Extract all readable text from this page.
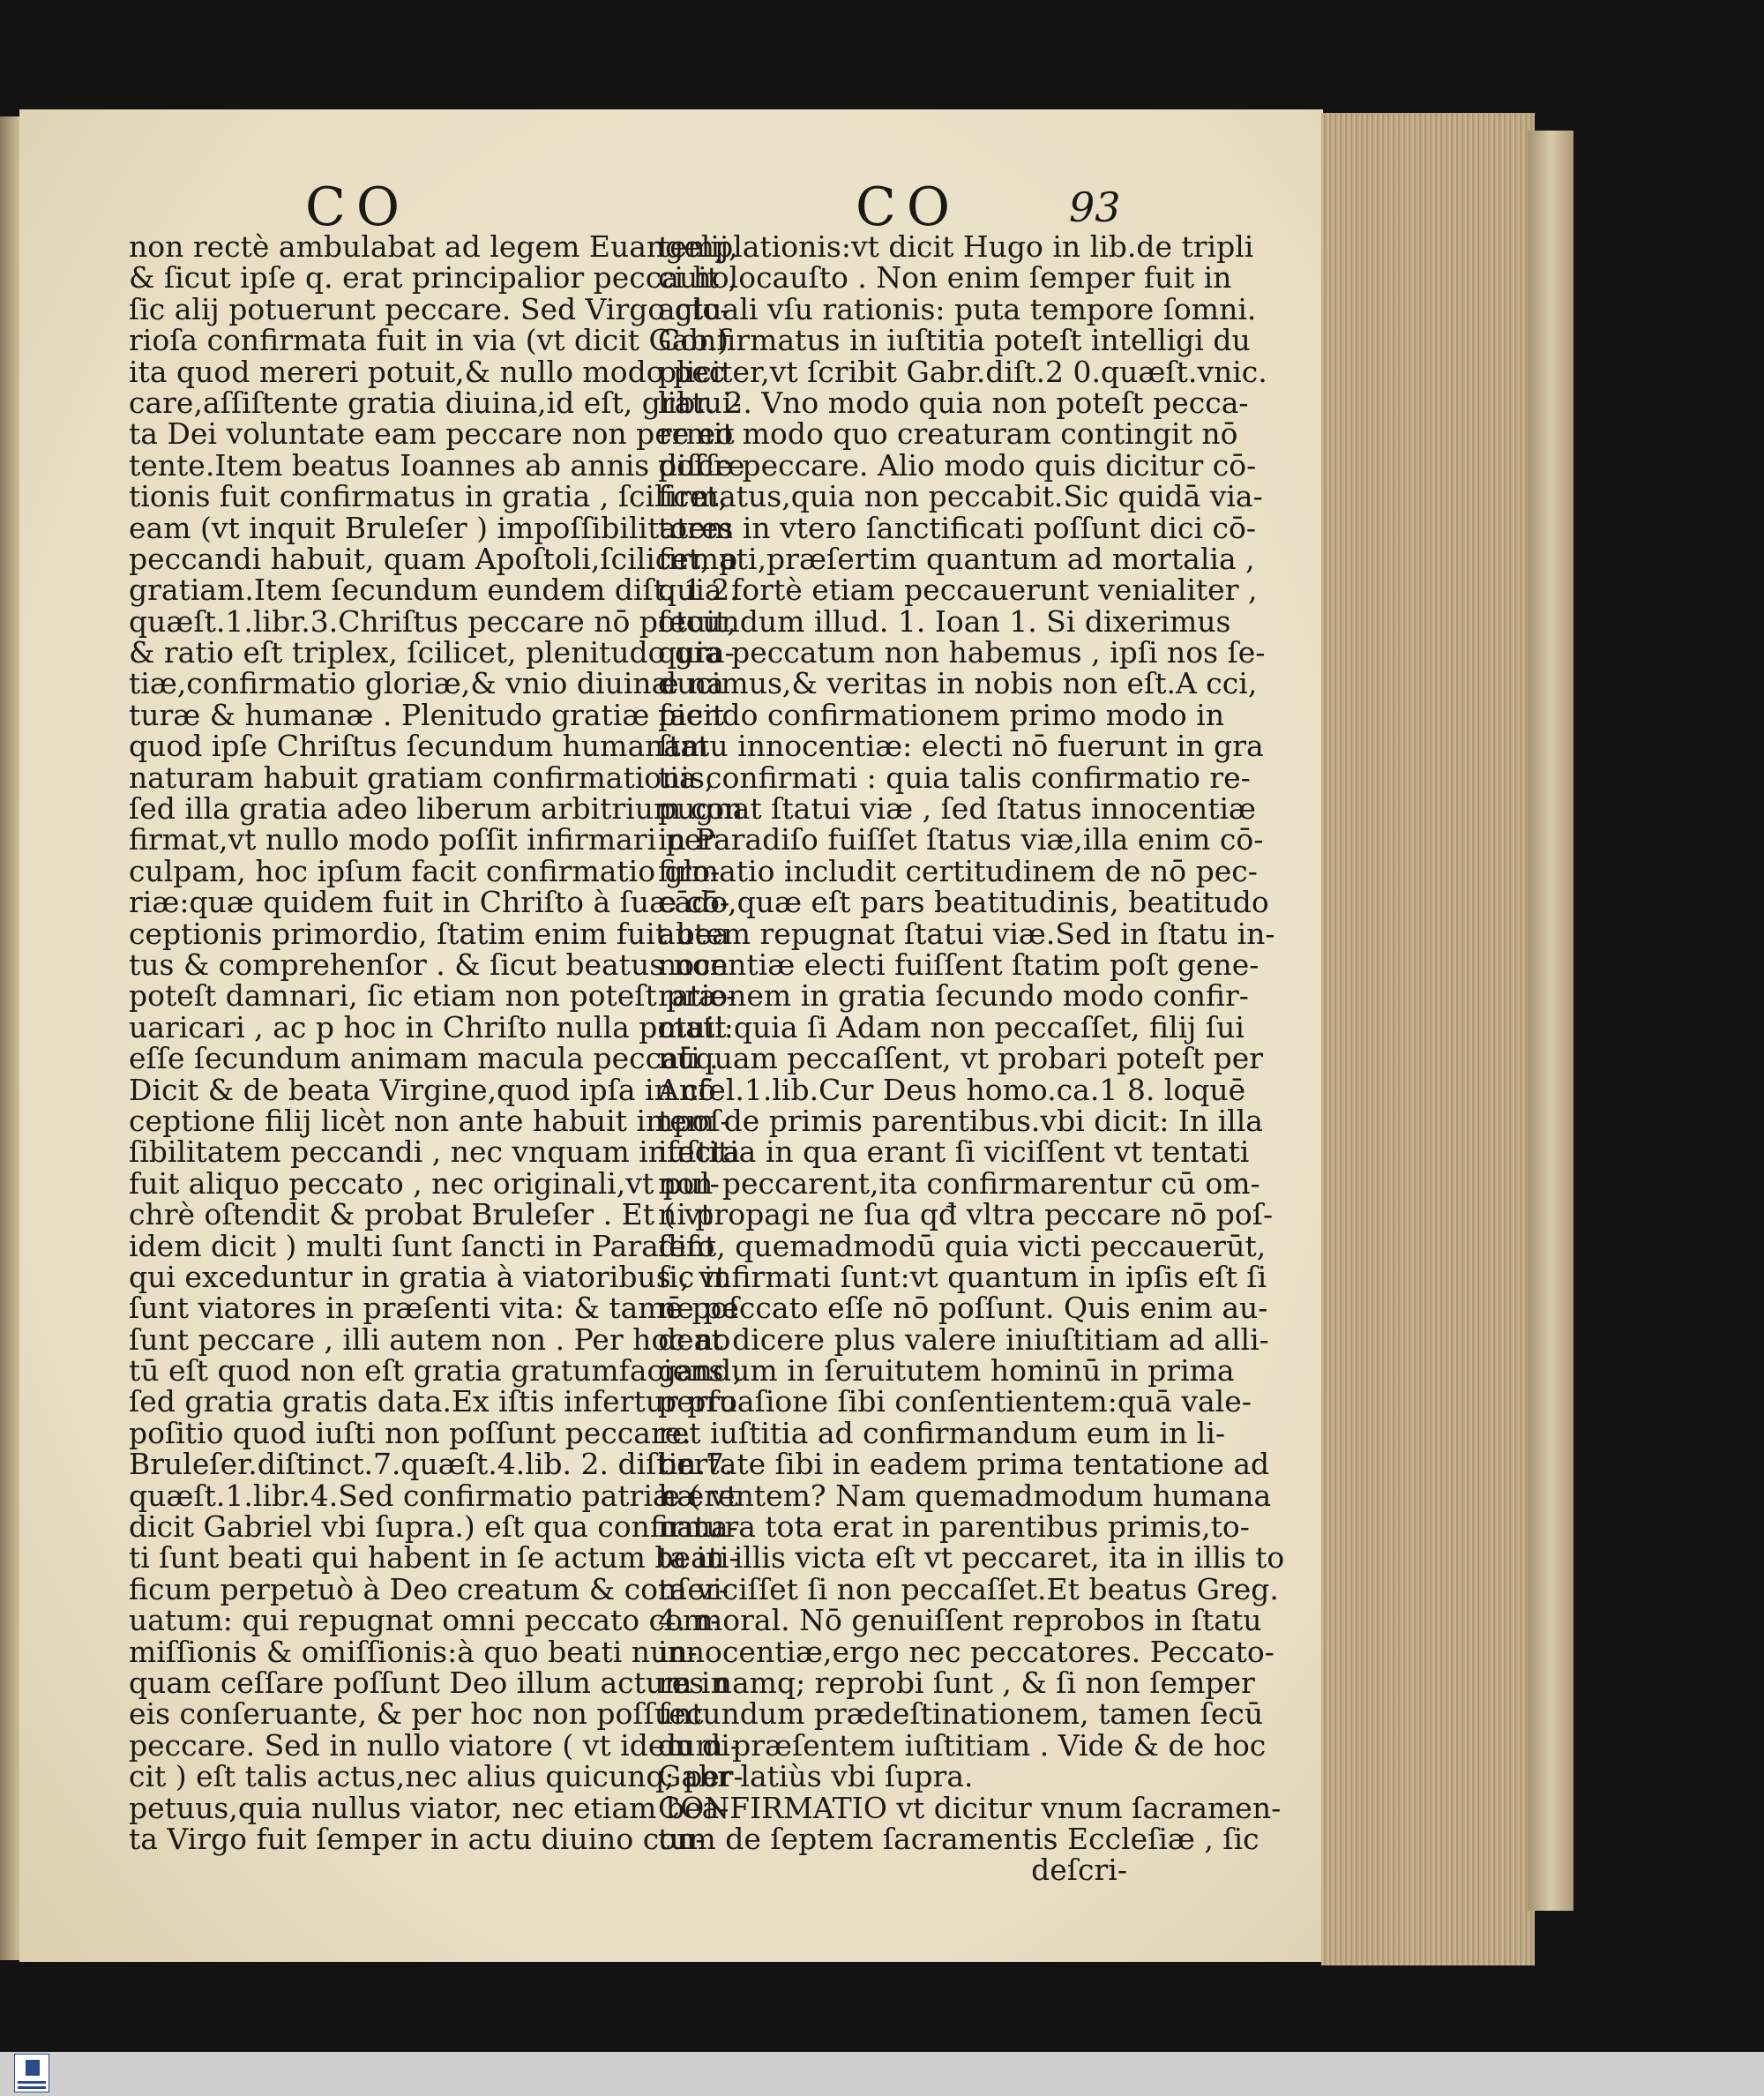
CO	CO	93
non rectè ambulabat ad legem Euangelij,
& ſicut ipſe q. erat principalior peccauit ,
ſic alij potuerunt peccare. Sed Virgo glo-
rioſa confirmata fuit in via (vt dicit Gab.)
ita quod mereri potuit,& nullo modo pec
care,aſſiſtente gratia diuina,id eſt, gratui-
ta Dei voluntate eam peccare non permit
tente.Item beatus Ioannes ab annis diſcre
tionis fuit confirmatus in gratia , ſcilicet,
eam (vt inquit Bruleſer ) impoſſibilitatem
peccandi habuit, quam Apoſtoli,ſcilicet, p
gratiam.Item ſecundum eundem diſt. 1 2.
quæſt.1.libr.3.Chriſtus peccare nō potuit,
& ratio eſt triplex, ſcilicet, plenitudo gra-
tiæ,confirmatio gloriæ,& vnio diuinæ na
turæ & humanæ . Plenitudo gratiæ facit
quod ipſe Chriſtus ſecundum humanam
naturam habuit gratiam confirmationis,
ſed illa gratia adeo liberum arbitrium con
firmat,vt nullo modo poſſit infirmari per
culpam, hoc ipſum facit confirmatio glo-
riæ:quæ quidem fuit in Chriſto à ſuæ cō-
ceptionis primordio, ſtatim enim fuit bea
tus & comprehenſor . & ſicut beatus non
poteſt damnari, ſic etiam non poteſt præ-
uaricari , ac p hoc in Chriſto nulla potuit
eſſe ſecundum animam macula peccati .
Dicit & de beata Virgine,quod ipſa in cō
ceptione filij licèt non ante habuit impoſ-
ſibilitatem peccandi , nec vnquam infecta
fuit aliquo peccato , nec originali,vt pul-
chrè oſtendit & probat Bruleſer . Et ( vt
idem dicit ) multi ſunt ſancti in Paradiſo
qui exceduntur in gratia à viatoribus , vt
ſunt viatores in præſenti vita: & tamē poſ
ſunt peccare , illi autem non . Per hoc no
tū eſt quod non eſt gratia gratumfaciens ,
ſed gratia gratis data.Ex iſtis infertur pro
poſitio quod iuſti non poſſunt peccare.
Bruleſer.diſtinct.7.quæſt.4.lib. 2. diſtin.7.
quæſt.1.libr.4.Sed confirmatio patriæ ( vt
dicit Gabriel vbi ſupra.) eſt qua confirma-
ti ſunt beati qui habent in ſe actum beati-
ficum perpetuò à Deo creatum & conſer-
uatum: qui repugnat omni peccato com-
miſſionis & omiſſionis:à quo beati nun-
quam ceſſare poſſunt Deo illum actum in
eis conſeruante, & per hoc non poſſunt
peccare. Sed in nullo viatore ( vt idem di-
cit ) eſt talis actus,nec alius quicunq; per-
petuus,quia nullus viator, nec etiam bea-
ta Virgo fuit ſemper in actu diuino con-
templationis:vt dicit Hugo in lib.de tripli
ci holocauſto . Non enim ſemper fuit in
actuali vſu rationis: puta tempore ſomni.
Confirmatus in iuſtitia poteſt intelligi du
pliciter,vt ſcribit Gabr.diſt.2 0.quæſt.vnic.
libr. 2. Vno modo quia non poteſt pecca-
re eo modo quo creaturam contingit nō
poſſe peccare. Alio modo quis dicitur cō-
firmatus,quia non peccabit.Sic quidā via-
tores in vtero ſanctificati poſſunt dici cō-
firmati,præſertim quantum ad mortalia ,
quia fortè etiam peccauerunt venialiter ,
ſecundum illud. 1. Ioan 1. Si dixerimus
quia peccatum non habemus , ipſi nos ſe-
ducimus,& veritas in nobis non eſt.A cci,
piendo confirmationem primo modo in
ſtatu innocentiæ: electi nō fuerunt in gra
tia confirmati : quia talis confirmatio re-
pugnat ſtatui viæ , ſed ſtatus innocentiæ
in Paradiſo fuiſſet ſtatus viæ,illa enim cō-
firmatio includit certitudinem de nō pec-
cādo,quæ eſt pars beatitudinis, beatitudo
autem repugnat ſtatui viæ.Sed in ſtatu in-
nocentiæ electi fuiſſent ſtatim poſt gene-
rationem in gratia ſecundo modo confir-
mati:quia ſi Adam non peccaſſet, filij ſui
nūquam peccaſſent, vt probari poteſt per
Anſel.1.lib.Cur Deus homo.ca.1 8. loquē
tem de primis parentibus.vbi dicit: In illa
iuſtitia in qua erant ſi viciſſent vt tentati
non peccarent,ita confirmarentur cū om-
ni propagi ne ſua qđ vltra peccare nō poſ-
ſent, quemadmodū quia victi peccauerūt,
ſic infirmati ſunt:vt quantum in ipſis eſt ſi
ne peccato eſſe nō poſſunt. Quis enim au-
deat dicere plus valere iniuſtitiam ad alli-
gandum in ſeruitutem hominū in prima
perſuaſione ſibi conſentientem:quā vale-
ret iuſtitia ad confirmandum eum in li-
bertate ſibi in eadem prima tentatione ad
hærentem? Nam quemadmodum humana
natura tota erat in parentibus primis,to-
ta in illis victa eſt vt peccaret, ita in illis to
ta viciſſet ſi non peccaſſet.Et beatus Greg.
4. moral. Nō genuiſſent reprobos in ſtatu
innocentiæ,ergo nec peccatores. Peccato-
res namq; reprobi ſunt , & ſi non ſemper
ſecundum prædeſtinationem, tamen ſecū
dum præſentem iuſtitiam . Vide & de hoc
Gabr latiùs vbi ſupra.
CONFIRMATIO vt dicitur vnum ſacramen-
tum de ſeptem ſacramentis Eccleſiæ , ſic
deſcri-
